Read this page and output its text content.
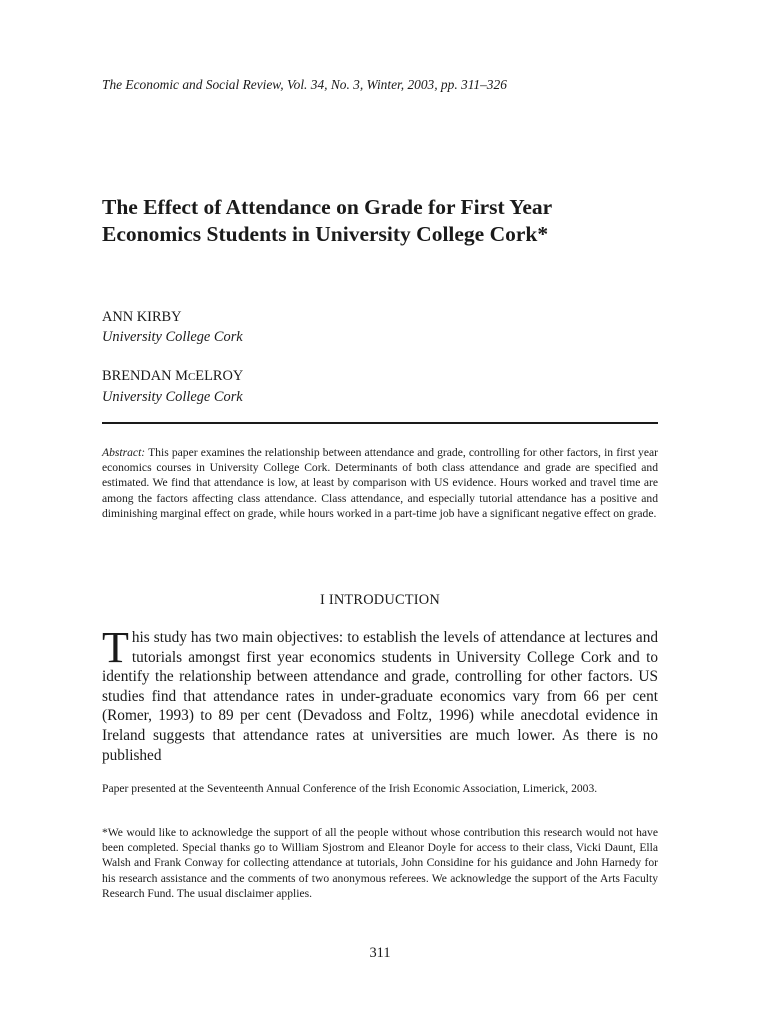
The Economic and Social Review, Vol. 34, No. 3, Winter, 2003, pp. 311–326
The Effect of Attendance on Grade for First Year Economics Students in University College Cork*
ANN KIRBY
University College Cork
BRENDAN MCELROY
University College Cork

Abstract: This paper examines the relationship between attendance and grade, controlling for other factors, in first year economics courses in University College Cork. Determinants of both class attendance and grade are specified and estimated. We find that attendance is low, at least by comparison with US evidence. Hours worked and travel time are among the factors affecting class attendance. Class attendance, and especially tutorial attendance has a positive and diminishing marginal effect on grade, while hours worked in a part-time job have a significant negative effect on grade.

I INTRODUCTION

This study has two main objectives: to establish the levels of attendance at lectures and tutorials amongst first year economics students in University College Cork and to identify the relationship between attendance and grade, controlling for other factors. US studies find that attendance rates in under-graduate economics vary from 66 per cent (Romer, 1993) to 89 per cent (Devadoss and Foltz, 1996) while anecdotal evidence in Ireland suggests that attendance rates at universities are much lower. As there is no published

Paper presented at the Seventeenth Annual Conference of the Irish Economic Association, Limerick, 2003.

*We would like to acknowledge the support of all the people without whose contribution this research would not have been completed. Special thanks go to William Sjostrom and Eleanor Doyle for access to their class, Vicki Daunt, Ella Walsh and Frank Conway for collecting attendance at tutorials, John Considine for his guidance and John Harnedy for his research assistance and the comments of two anonymous referees. We acknowledge the support of the Arts Faculty Research Fund. The usual disclaimer applies.

311
